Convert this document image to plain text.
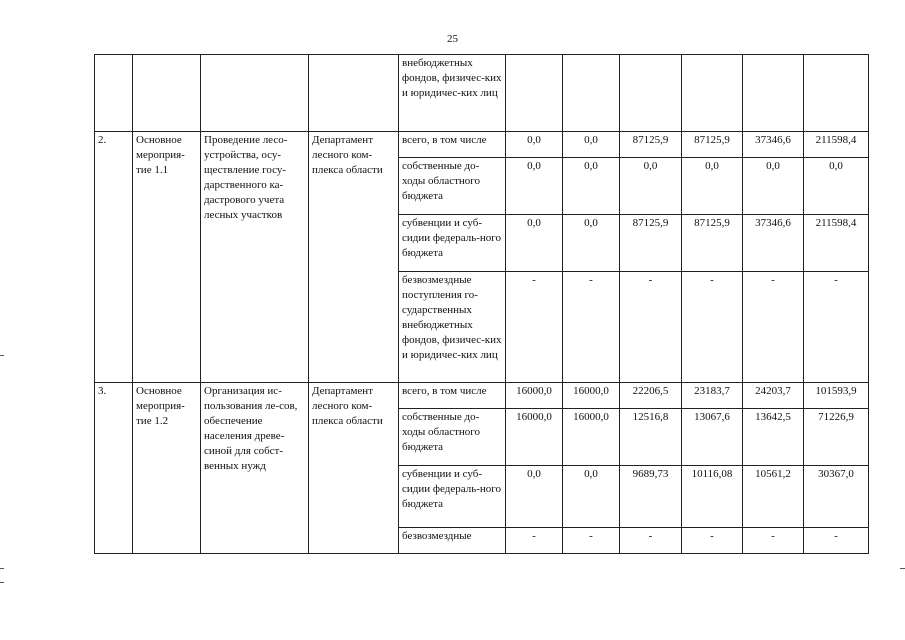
25
				внебюджетных фондов, физичес-ких и юридичес-ких лиц						
2.	Основное мероприя-тие 1.1	Проведение лесо-устройства, осу-ществление госу-дарственного ка-дастрового учета лесных участков	Департамент лесного ком-плекса области	всего, в том числе	0,0	0,0	87125,9	87125,9	37346,6	211598,4
				собственные до-ходы областного бюджета	0,0	0,0	0,0	0,0	0,0	0,0
				субвенции и суб-сидии федераль-ного бюджета	0,0	0,0	87125,9	87125,9	37346,6	211598,4
				безвозмездные поступления го-сударственных внебюджетных фондов, физичес-ких и юридичес-ких лиц	-	-	-	-	-	-
3.	Основное мероприя-тие 1.2	Организация ис-пользования ле-сов, обеспечение населения древе-синой для собст-венных нужд	Департамент лесного ком-плекса области	всего, в том числе	16000,0	16000,0	22206,5	23183,7	24203,7	101593,9
				собственные до-ходы областного бюджета	16000,0	16000,0	12516,8	13067,6	13642,5	71226,9
				субвенции и суб-сидии федераль-ного бюджета	0,0	0,0	9689,73	10116,08	10561,2	30367,0
				безвозмездные	-	-	-	-	-	-
